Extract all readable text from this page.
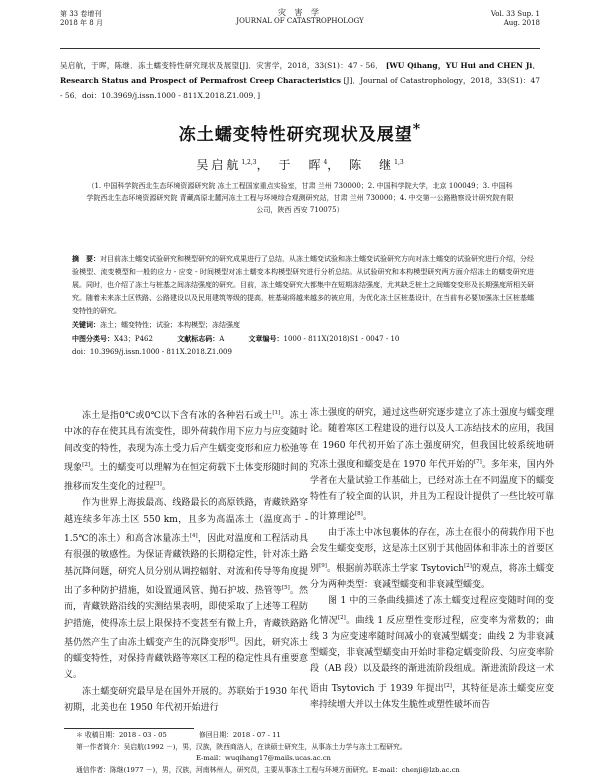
第 33 卷增刊
2018 年 8 月
灾 害 学
JOURNAL OF CATASTROPHOLOGY
Vol. 33 Sup. 1
Aug. 2018
吴启航，于晖，陈继．冻土蠕变特性研究现状及展望[J]．灾害学，2018，33(S1)：47 - 56． [WU Qihang，YU Hui and CHEN Ji． Research Status and Prospect of Permafrost Creep Characteristics [J]．Journal of Catastrophology，2018，33(S1)：47 - 56．doi：10.3969/j.issn.1000 - 811X.2018.Z1.009．]
冻土蠕变特性研究现状及展望*
吴启航$^{1,2,3}$， 于　晖$^4$， 陈　继$^{1,3}$
（1. 中国科学院西北生态环境资源研究院 冻土工程国家重点实验室，甘肃 兰州 730000；2. 中国科学院大学，北京 100049；3. 中国科学院西北生态环境资源研究院 青藏高原北麓河冻土工程与环境综合观测研究站，甘肃 兰州 730000；4. 中交第一公路勘察设计研究院有限公司，陕西 西安 710075）
摘　要：对目前冻土蠕变试验研究和模型研究的研究成果进行了总结，从冻土蠕变试验和冻土蠕变试验研究方向对冻土蠕变的试验研究进行介绍，分经验模型、流变模型和一般的应力 - 应变 - 时间模型对冻土蠕变本构模型研究进行分析总结。从试验研究和本构模型研究两方面介绍冻土的蠕变研究进展。同时，也介绍了冻土与桩基之间冻结强度的研究。目前，冻土蠕变研究大都集中在短期冻结强度，尤其缺乏桩土之间蠕变变形及长期强度所相关研究。随着未来冻土区铁路、公路建设以及民用建筑等级的提高，桩基础将越来越多的被应用，为优化冻土区桩基设计，在当前有必要加强冻土区桩基蠕变特性的研究。
关键词：冻土；蠕变特性；试验；本构模型；冻结强度
中图分类号：X43；P462	文献标志码：A	文章编号：1000 - 811X(2018)S1 - 0047 - 10
doi：10.3969/j.issn.1000 - 811X.2018.Z1.009

冻土是指0℃或0℃以下含有冰的各种岩石或土[1]。冻土中冰的存在使其具有流变性，即外荷载作用下应力与应变随时间改变的特性，表现为冻土受力后产生蠕变变形和应力松弛等现象[2]。土的蠕变可以理解为在恒定荷载下土体变形随时间的推移而发生变化的过程[3]。

作为世界上海拔最高、线路最长的高原铁路，青藏铁路穿越连续多年冻土区 550 km，且多为高温冻土（温度高于 - 1.5℃的冻土）和高含冰量冻土[4]，因此对温度和工程活动具有很强的敏感性。为保证青藏铁路的长期稳定性，针对冻土路基沉降问题，研究人员分别从调控辐射、对流和传导等角度提出了多种防护措施，如设置通风管、抛石护坡、热管等[5]。然而，青藏铁路沿线的实测结果表明，即使采取了上述等工程防护措施，使得冻土层上限保持不变甚至有微上升，青藏铁路路基仍然产生了由冻土蠕变产生的沉降变形[6]。因此，研究冻土的蠕变特性，对保持青藏铁路等寒区工程的稳定性具有重要意义。

冻土蠕变研究最早是在国外开展的。苏联始于1930 年代初期，北美也在 1950 年代初开始进行

冻土强度的研究，通过这些研究逐步建立了冻土强度与蠕变理论。随着寒区工程建设的进行以及人工冻结技术的应用，我国在 1960 年代初开始了冻土强度研究，但我国比较系统地研究冻土强度和蠕变是在 1970 年代开始的[7]。多年来，国内外学者在大量试验工作基础上，已经对冻土在不同温度下的蠕变特性有了较全面的认识，并且为工程设计提供了一些比较可靠的计算理论[8]。

由于冻土中冰包裹体的存在，冻土在很小的荷载作用下也会发生蠕变变形，这是冻土区别于其他固体和非冻土的首要区别[9]。根据前苏联冻土学家 Tsytovich[2]的观点，将冻土蠕变分为两种类型：衰减型蠕变和非衰减型蠕变。

图 1 中的三条曲线描述了冻土蠕变过程应变随时间的变化情况[2]。曲线 1 反应塑性变形过程，应变率为常数的；曲线 3 为应变速率随时间减小的衰减型蠕变；曲线 2 为非衰减型蠕变，非衰减型蠕变由开始时非稳定蠕变阶段、匀应变率阶段（AB 段）以及最终的渐进流阶段组成。渐进流阶段这一术语由 Tsytovich 于 1939 年提出[2]，其特征是冻土蠕变应变率持续增大并以土体发生脆性或塑性破坏而告

＊ 收稿日期：2018 - 03 - 05	修回日期：2018 - 07 - 11
第一作者简介：吴启航(1992 －)，男，汉族，陕西商洛人，在读硕士研究生，从事冻土力学与冻土工程研究。
E-mail：wuqihang17@mails.ucas.ac.cn
通信作者：陈继(1977 －)，男，汉族，河南林州人，研究员，主要从事冻土工程与环境方面研究。E-mail：chenji@lzb.ac.cn
